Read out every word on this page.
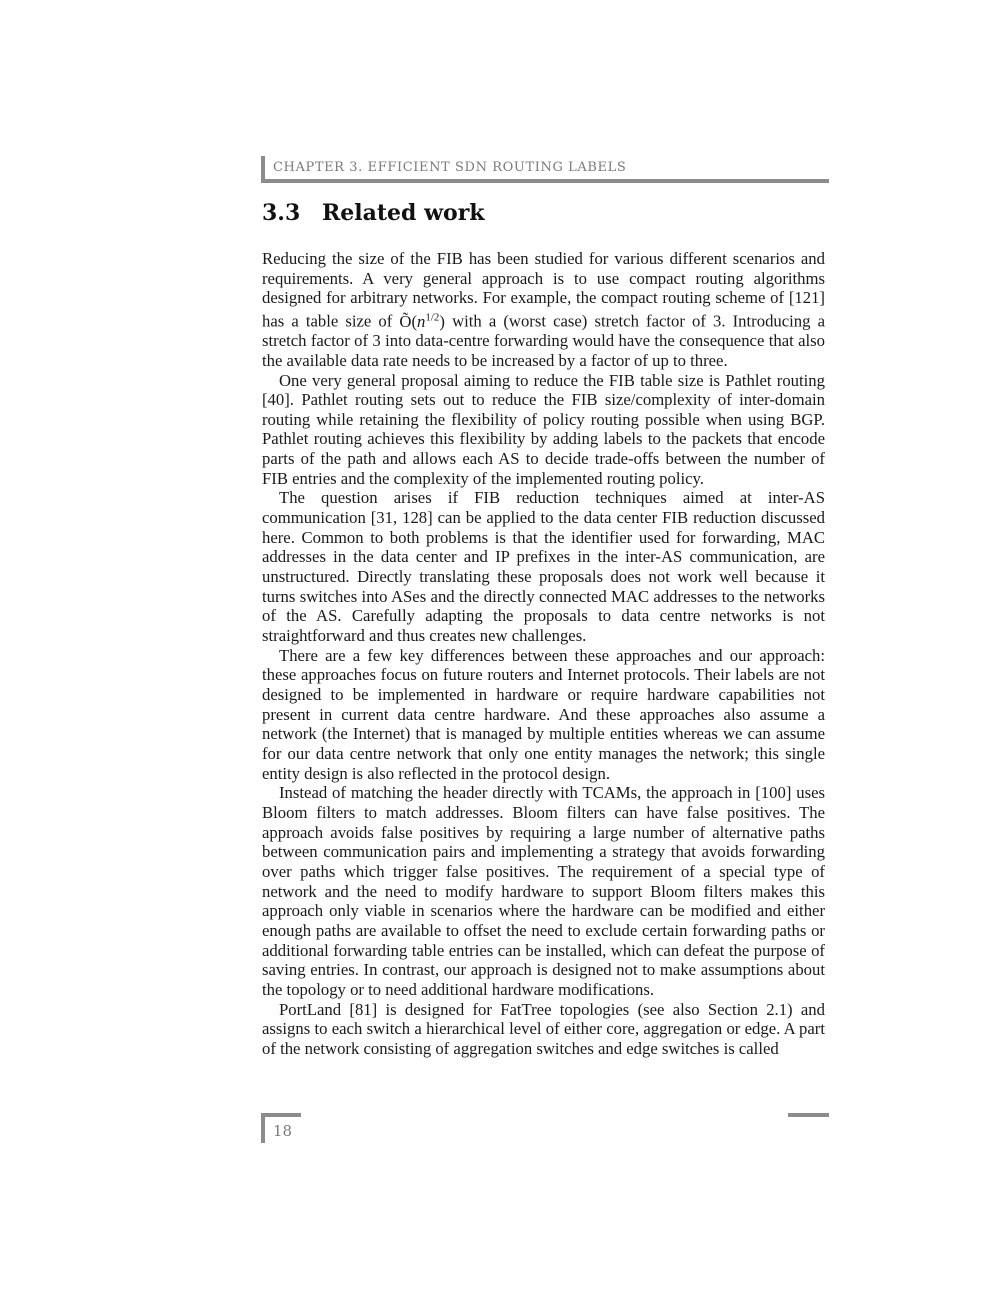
CHAPTER 3. EFFICIENT SDN ROUTING LABELS
3.3 Related work

Reducing the size of the FIB has been studied for various different scenarios and requirements. A very general approach is to use compact routing algorithms designed for arbitrary networks. For example, the compact routing scheme of [121] has a table size of $Õ(n^{1/2})$ with a (worst case) stretch factor of 3. Introducing a stretch factor of 3 into data-centre forwarding would have the consequence that also the available data rate needs to be increased by a factor of up to three.

One very general proposal aiming to reduce the FIB table size is Pathlet routing [40]. Pathlet routing sets out to reduce the FIB size/complexity of inter-domain routing while retaining the flexibility of policy routing possible when using BGP. Pathlet routing achieves this flexibility by adding labels to the packets that encode parts of the path and allows each AS to decide trade-offs between the number of FIB entries and the complexity of the implemented routing policy.

The question arises if FIB reduction techniques aimed at inter-AS communication [31, 128] can be applied to the data center FIB reduction discussed here. Common to both problems is that the identifier used for forwarding, MAC addresses in the data center and IP prefixes in the inter-AS communication, are unstructured. Directly translating these proposals does not work well because it turns switches into ASes and the directly connected MAC addresses to the networks of the AS. Carefully adapting the proposals to data centre networks is not straightforward and thus creates new challenges.

There are a few key differences between these approaches and our approach: these approaches focus on future routers and Internet protocols. Their labels are not designed to be implemented in hardware or require hardware capabilities not present in current data centre hardware. And these approaches also assume a network (the Internet) that is managed by multiple entities whereas we can assume for our data centre network that only one entity manages the network; this single entity design is also reflected in the protocol design.

Instead of matching the header directly with TCAMs, the approach in [100] uses Bloom filters to match addresses. Bloom filters can have false positives. The approach avoids false positives by requiring a large number of alternative paths between communication pairs and implementing a strategy that avoids forwarding over paths which trigger false positives. The requirement of a special type of network and the need to modify hardware to support Bloom filters makes this approach only viable in scenarios where the hardware can be modified and either enough paths are available to offset the need to exclude certain forwarding paths or additional forwarding table entries can be installed, which can defeat the purpose of saving entries. In contrast, our approach is designed not to make assumptions about the topology or to need additional hardware modifications.

PortLand [81] is designed for FatTree topologies (see also Section 2.1) and assigns to each switch a hierarchical level of either core, aggregation or edge. A part of the network consisting of aggregation switches and edge switches is called

18
